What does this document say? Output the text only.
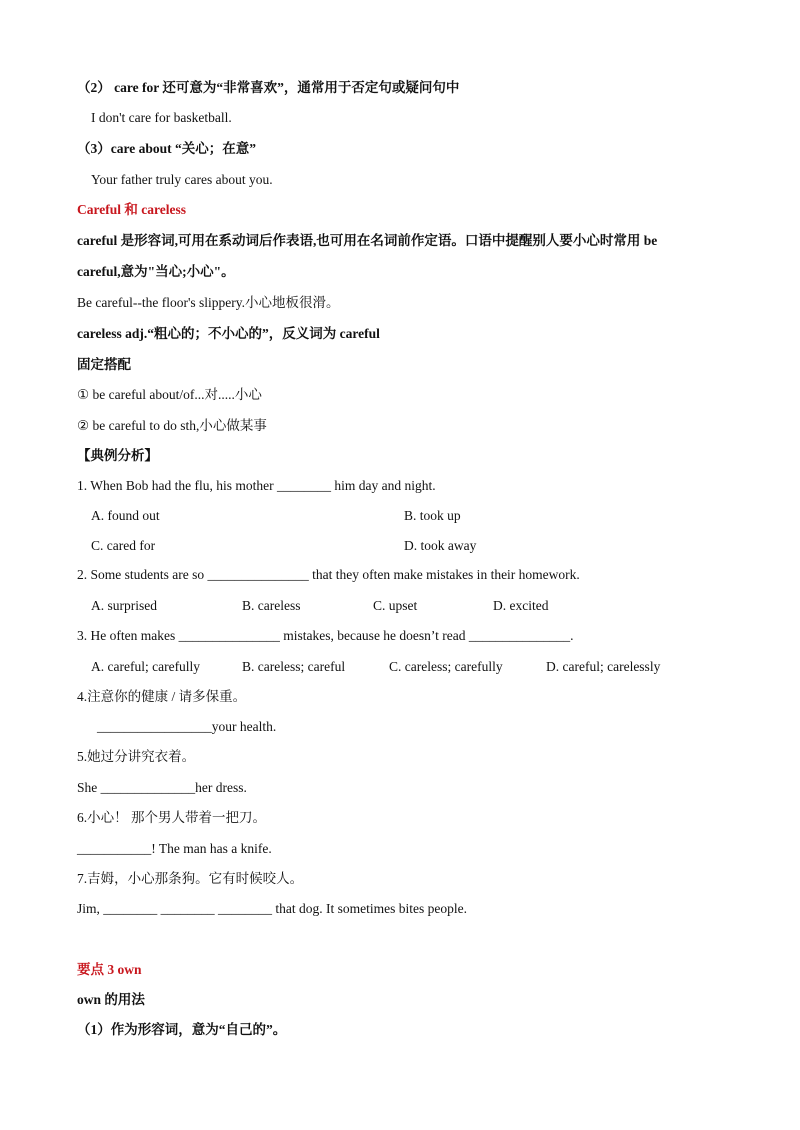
（2） care for 还可意为“非常喜欢”，通常用于否定句或疑问句中
I don't care for basketball.
（3）care about “关心；在意”
Your father truly cares about you.
Careful 和 careless
careful 是形容词,可用在系动词后作表语,也可用在名词前作定语。口语中提醒别人要小心时常用 be
careful,意为"当心;小心"。
Be careful--the floor's slippery.小心地板很滑。
careless adj.“粗心的；不小心的”，反义词为 careful
固定搭配
① be careful about/of...对.....小心
② be careful to do sth,小心做某事
【典例分析】
1. When Bob had the flu, his mother ________ him day and night.
A. found out	B. took up
C. cared for	D. took away
2. Some students are so _______________ that they often make mistakes in their homework.
A. surprised	B. careless	C. upset	D. excited
3. He often makes _______________ mistakes, because he doesn’t read _______________.
A. careful; carefully	B. careless; careful	C. careless; carefully	D. careful; carelessly
4.注意你的健康 / 请多保重。
_________________your health.
5.她过分讲究衣着。
She ______________her dress.
6.小心！ 那个男人带着一把刀。
___________! The man has a knife.
7.吉姆，小心那条狗。它有时候咬人。
Jim, ________ ________ ________ that dog. It sometimes bites people.
要点 3 own
own 的用法
（1）作为形容词，意为“自己的”。
